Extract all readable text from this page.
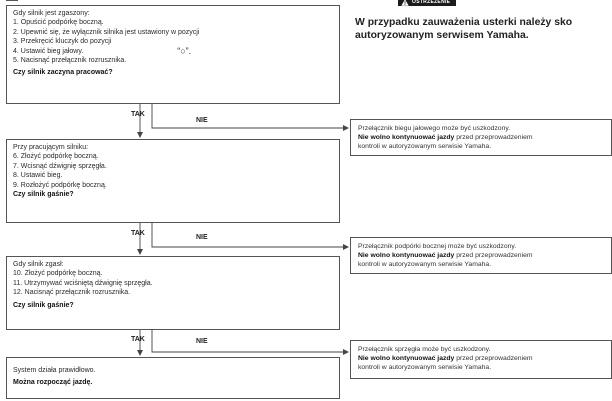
Gdy silnik jest zgaszony:
1. Opuścić podpórkę boczną.
2. Upewnić się, że wyłącznik silnika jest ustawiony w pozycji
3. Przekręcić kluczyk do pozycji
4. Ustawić bieg jałowy.	“○”.
5. Nacisnąć przełącznik rozrusznika.
Czy silnik zaczyna pracować?
TAK
NIE
Przy pracującym silniku:
6. Złożyć podpórkę boczną.
7. Wcisnąć dźwignię sprzęgła.
8. Ustawić bieg.
9. Rozłożyć podpórkę boczną.
Czy silnik gaśnie?
TAK
NIE
Gdy silnik zgasł:
10. Złożyć podpórkę boczną.
11. Utrzymywać wciśniętą dźwignię sprzęgła.
12. Nacisnąć przełącznik rozrusznika.
Czy silnik gaśnie?
TAK	NIE
System działa prawidłowo.
Można rozpocząć jazdę.
Przełącznik biegu jałowego może być uszkodzony.
Nie wolno kontynuować jazdy przed przeprowadzeniem
kontroli w autoryzowanym serwisie Yamaha.
Przełącznik podpórki bocznej może być uszkodzony.
Nie wolno kontynuować jazdy przed przeprowadzeniem
kontroli w autoryzowanym serwisie Yamaha.
Przełącznik sprzęgła może być uszkodzony.
Nie wolno kontynuować jazdy przed przeprowadzeniem
kontroli w autoryzowanym serwisie Yamaha.
OSTRZEŻENIE
W przypadku zauważenia usterki należy sko
autoryzowanym serwisem Yamaha.
